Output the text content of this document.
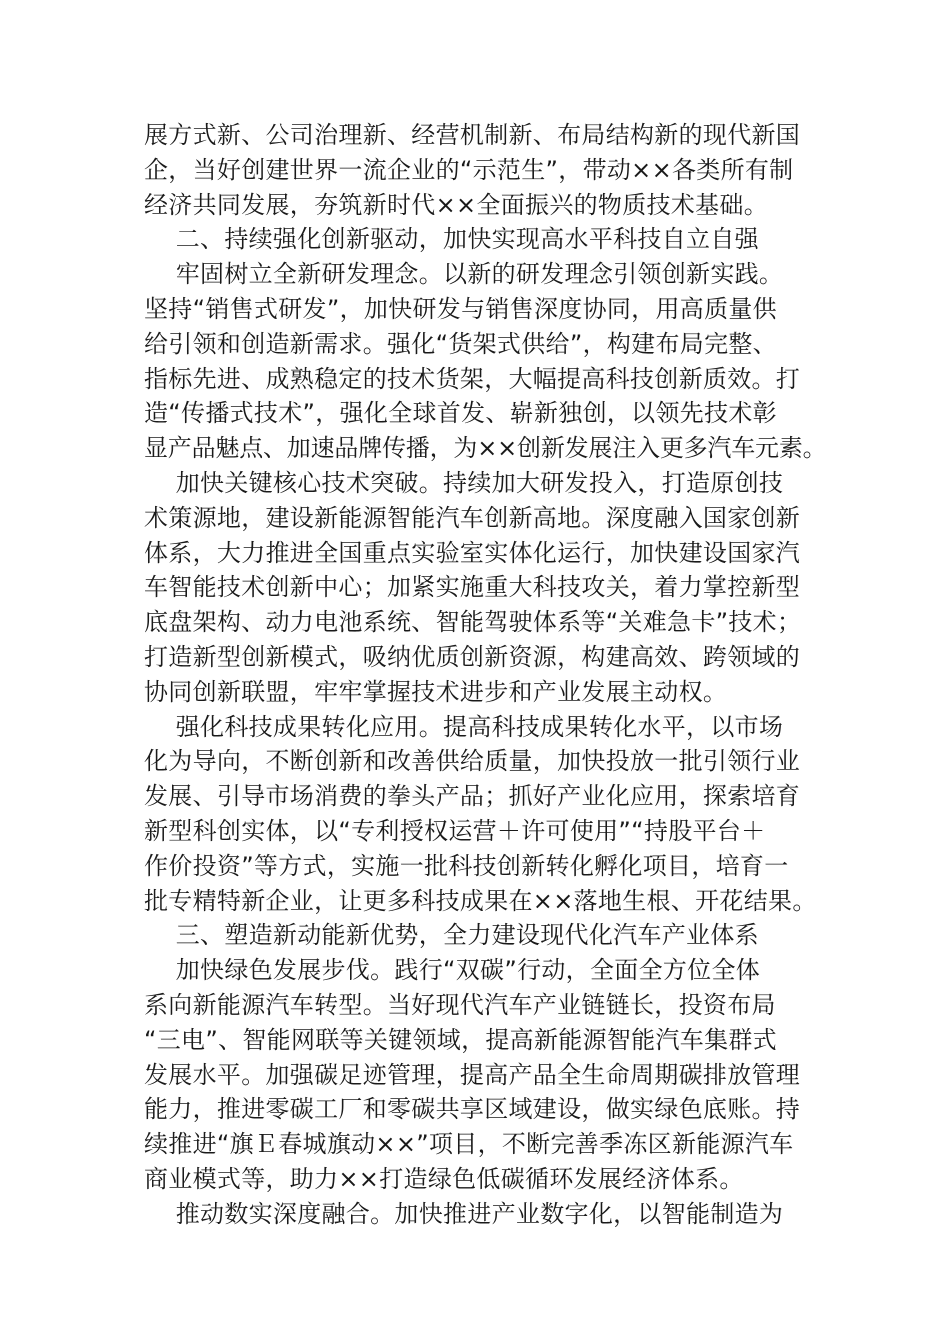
展方式新、公司治理新、经营机制新、布局结构新的现代新国
企，当好创建世界一流企业的“示范生”，带动××各类所有制
经济共同发展，夯筑新时代××全面振兴的物质技术基础。
二、持续强化创新驱动，加快实现高水平科技自立自强
牢固树立全新研发理念。以新的研发理念引领创新实践。
坚持“销售式研发”，加快研发与销售深度协同，用高质量供
给引领和创造新需求。强化“货架式供给”，构建布局完整、
指标先进、成熟稳定的技术货架，大幅提高科技创新质效。打
造“传播式技术”，强化全球首发、崭新独创，以领先技术彰
显产品魅点、加速品牌传播，为××创新发展注入更多汽车元素。
加快关键核心技术突破。持续加大研发投入，打造原创技
术策源地，建设新能源智能汽车创新高地。深度融入国家创新
体系，大力推进全国重点实验室实体化运行，加快建设国家汽
车智能技术创新中心；加紧实施重大科技攻关，着力掌控新型
底盘架构、动力电池系统、智能驾驶体系等“关难急卡”技术；
打造新型创新模式，吸纳优质创新资源，构建高效、跨领域的
协同创新联盟，牢牢掌握技术进步和产业发展主动权。
强化科技成果转化应用。提高科技成果转化水平，以市场
化为导向，不断创新和改善供给质量，加快投放一批引领行业
发展、引导市场消费的拳头产品；抓好产业化应用，探索培育
新型科创实体，以“专利授权运营＋许可使用”“持股平台＋
作价投资”等方式，实施一批科技创新转化孵化项目，培育一
批专精特新企业，让更多科技成果在××落地生根、开花结果。
三、塑造新动能新优势，全力建设现代化汽车产业体系
加快绿色发展步伐。践行“双碳”行动，全面全方位全体
系向新能源汽车转型。当好现代汽车产业链链长，投资布局
“三电”、智能网联等关键领域，提高新能源智能汽车集群式
发展水平。加强碳足迹管理，提高产品全生命周期碳排放管理
能力，推进零碳工厂和零碳共享区域建设，做实绿色底账。持
续推进“旗Ｅ春城旗动××”项目，不断完善季冻区新能源汽车
商业模式等，助力××打造绿色低碳循环发展经济体系。
推动数实深度融合。加快推进产业数字化，以智能制造为
